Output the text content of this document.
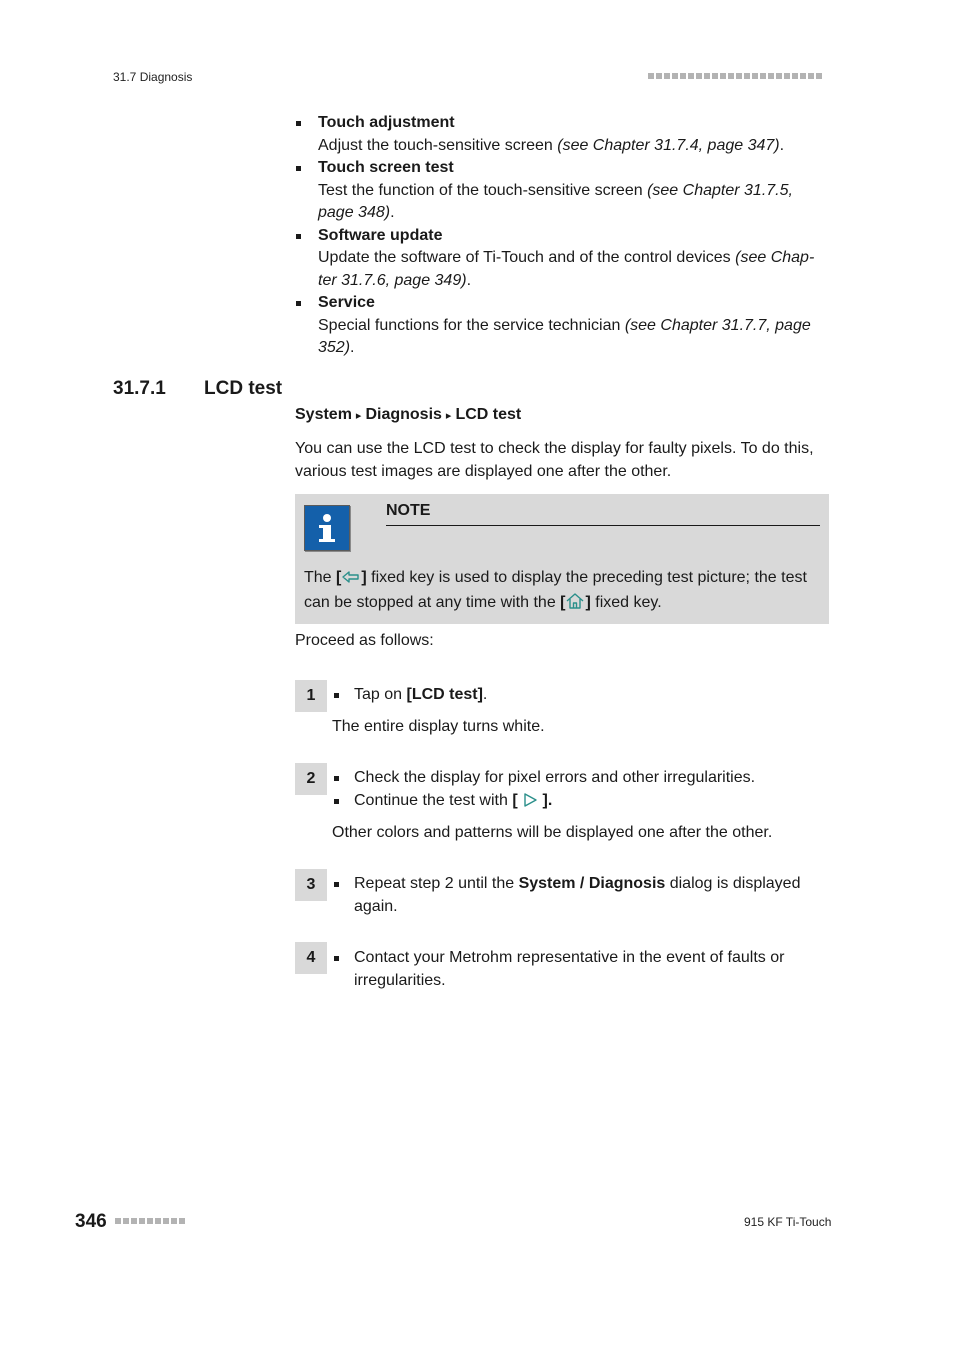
31.7 Diagnosis
Touch adjustment
Adjust the touch-sensitive screen (see Chapter 31.7.4, page 347).
Touch screen test
Test the function of the touch-sensitive screen (see Chapter 31.7.5, page 348).
Software update
Update the software of Ti-Touch and of the control devices (see Chap-ter 31.7.6, page 349).
Service
Special functions for the service technician (see Chapter 31.7.7, page 352).
31.7.1 LCD test
System ▸ Diagnosis ▸ LCD test
You can use the LCD test to check the display for faulty pixels. To do this, various test images are displayed one after the other.
NOTE
The [ ] fixed key is used to display the preceding test picture; the test can be stopped at any time with the [ ] fixed key.
Proceed as follows:
1	Tap on [LCD test].
The entire display turns white.
2	Check the display for pixel errors and other irregularities.
Continue the test with [ ].
Other colors and patterns will be displayed one after the other.
3	Repeat step 2 until the System / Diagnosis dialog is displayed again.
4	Contact your Metrohm representative in the event of faults or irregularities.
346	915 KF Ti-Touch
